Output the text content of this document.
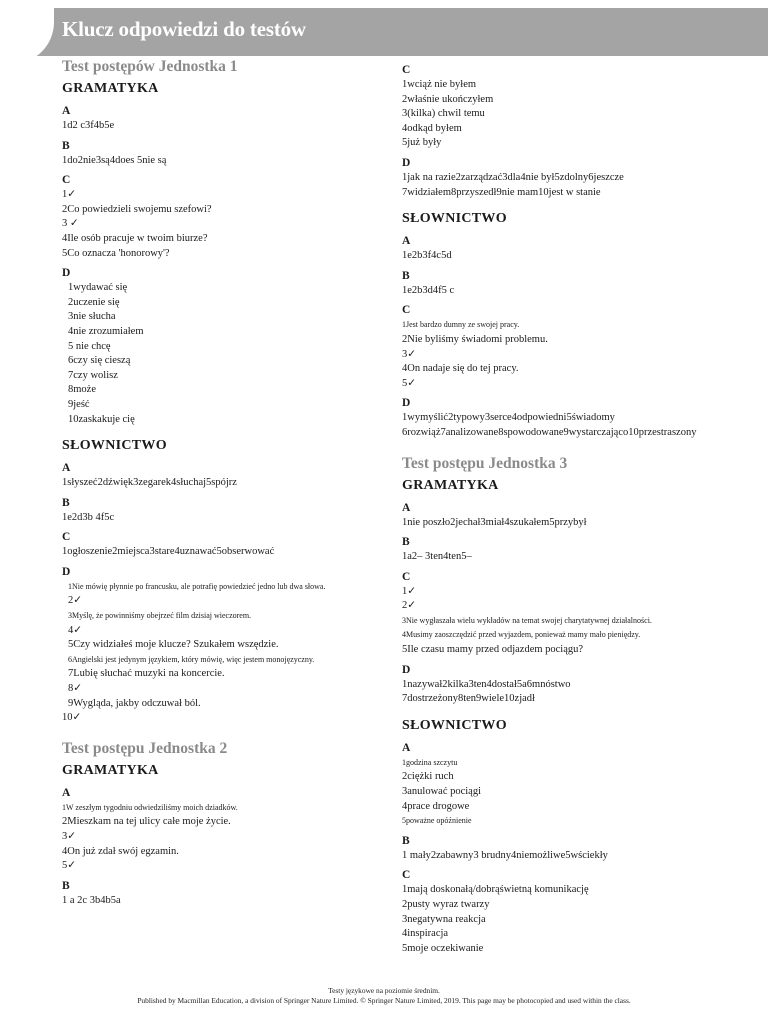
Klucz odpowiedzi do testów
Test postępów Jednostka 1
GRAMATYKA
A
1d2 c3f4b5e
B
1do2nie3są4does 5nie są
C
1✓
2Co powiedzieli swojemu szefowi?
3 ✓
4Ile osób pracuje w twoim biurze?
5Co oznacza 'honorowy'?
D
1wydawać się
2uczenie się
3nie słucha
4nie zrozumiałem
5 nie chcę
6czy się cieszą
7czy wolisz
8może
9jeść
10zaskakuje cię
SŁOWNICTWO
A
1słyszeć2dźwięk3zegarek4słuchaj5spójrz
B
1e2d3b 4f5c
C
1ogłoszenie2miejsca3stare4uznawać5obserwować
D
1Nie mówię płynnie po francusku, ale potrafię powiedzieć jedno lub dwa słowa.
2✓
3Myślę, że powinniśmy obejrzeć film dzisiaj wieczorem.
4✓
5Czy widziałeś moje klucze? Szukałem wszędzie.
6Angielski jest jedynym językiem, który mówię, więc jestem monojęzyczny.
7Lubię słuchać muzyki na koncercie.
8✓
9Wygląda, jakby odczuwał ból.
10✓
Test postępu Jednostka 2
GRAMATYKA
A
1W zeszłym tygodniu odwiedziliśmy moich dziadków.
2Mieszkam na tej ulicy całe moje życie.
3✓
4On już zdał swój egzamin.
5✓
B
1 a 2c 3b4b5a
C
1wciąż nie byłem
2właśnie ukończyłem
3(kilka) chwil temu
4odkąd byłem
5już były
D
1jak na razie2zarządzać3dla4nie był5zdolny6jeszcze
7widziałem8przyszedł9nie mam10jest w stanie
SŁOWNICTWO
A
1e2b3f4c5d
B
1e2b3d4f5 c
C
1Jest bardzo dumny ze swojej pracy.
2Nie byliśmy świadomi problemu.
3✓
4On nadaje się do tej pracy.
5✓
D
1wymyślić2typowy3serce4odpowiedni5świadomy
6rozwiąż7analizowane8spowodowane9wystarczająco10przestraszony
Test postępu Jednostka 3
GRAMATYKA
A
1nie poszło2jechał3miał4szukałem5przybył
B
1a2– 3ten4ten5–
C
1✓
2✓
3Nie wygłaszała wielu wykładów na temat swojej charytatywnej działalności.
4Musimy zaoszczędzić przed wyjazdem, ponieważ mamy mało pieniędzy.
5Ile czasu mamy przed odjazdem pociągu?
D
1nazywał2kilka3ten4dostał5a6mnóstwo
7dostrzeżony8ten9wiele10zjadł
SŁOWNICTWO
A
1godzina szczytu
2ciężki ruch
3anulować pociągi
4prace drogowe
5poważne opóźnienie
B
1 mały2zabawny3 brudny4niemożliwe5wściekły
C
1mają doskonałą/dobrąświetną komunikację
2pusty wyraz twarzy
3negatywna reakcja
4inspiracja
5moje oczekiwanie
Testy językowe na poziomie średnim.
Published by Macmillan Education, a division of Springer Nature Limited. © Springer Nature Limited, 2019. This page may be photocopied and used within the class.
